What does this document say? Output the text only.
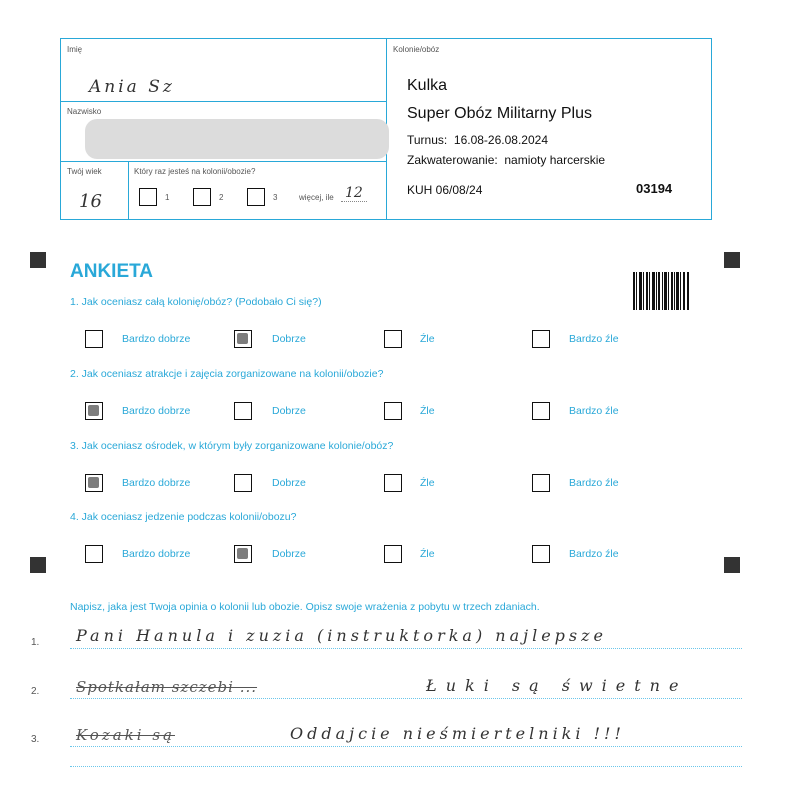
Imię
Ania Sz
Nazwisko
Twój wiek
16
Który raz jesteś na kolonii/obozie?
1	2	3	więcej, ile 12
Kolonie/obóz
Kulka
Super Obóz Militarny Plus
Turnus:  16.08-26.08.2024
Zakwaterowanie:  namioty harcerskie
KUH 06/08/24	03194
ANKIETA
1. Jak oceniasz całą kolonię/obóz? (Podobało Ci się?)
Bardzo dobrze	Dobrze	Źle	Bardzo źle
2. Jak oceniasz atrakcje i zajęcia zorganizowane na kolonii/obozie?
Bardzo dobrze	Dobrze	Źle	Bardzo źle
3. Jak oceniasz ośrodek, w którym były zorganizowane kolonie/obóz?
Bardzo dobrze	Dobrze	Źle	Bardzo źle
4. Jak oceniasz jedzenie podczas kolonii/obozu?
Bardzo dobrze	Dobrze	Źle	Bardzo źle
Napisz, jaka jest Twoja opinia o kolonii lub obozie. Opisz swoje wrażenia z pobytu w trzech zdaniach.
1. Pani Hanula i zuzia (instruktorka) najlepsze
2. Spotkałam szczebi ...	Łuki są świetne
3. Kozaki są	Oddajcie nieśmiertelniki !!!
